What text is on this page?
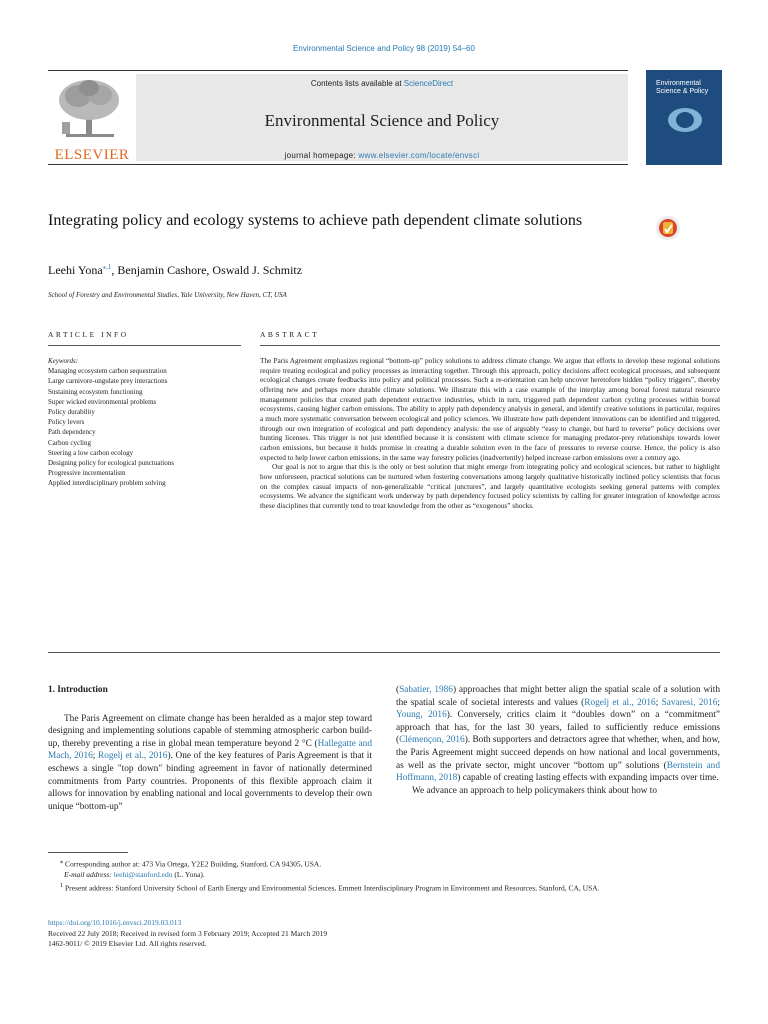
Environmental Science and Policy 98 (2019) 54–60
ELSEVIER
Contents lists available at ScienceDirect
Environmental Science and Policy
journal homepage: www.elsevier.com/locate/envsci
Environmental Science & Policy
Integrating policy and ecology systems to achieve path dependent climate solutions
Leehi Yona$^{⁎,1}$, Benjamin Cashore, Oswald J. Schmitz
School of Forestry and Environmental Studies, Yale University, New Haven, CT, USA
ARTICLE INFO	ABSTRACT
Keywords:
Managing ecosystem carbon sequestration
Large carnivore-ungulate prey interactions
Sustaining ecosystem functioning
Super wicked environmental problems
Policy durability
Policy levers
Path dependency
Carbon cycling
Steering a low carbon ecology
Designing policy for ecological punctuations
Progressive incrementalism
Applied interdisciplinary problem solving

The Paris Agreement emphasizes regional “bottom-up” policy solutions to address climate change. We argue that efforts to develop these regional solutions require treating ecological and policy processes as interacting together. Through this approach, policy decisions affect ecological processes, and subsequent ecological changes create feedbacks into policy and political processes. Such a re-orientation can help uncover heretofore hidden “policy triggers”, thereby offering new and perhaps more durable climate solutions. We illustrate this with a case example of the interplay among boreal forest natural resource management policies that created path dependent extractive industries, which in turn, triggered path dependent carbon cycling processes within boreal ecosystems, causing higher carbon emissions. The ability to apply path dependency analysis in general, and identify creative solutions in particular, requires a much more systematic conversation between ecological and policy sciences. We illustrate how path dependent innovations can be identified and triggered, through our own integration of ecological and path dependency analysis: the use of arguably “easy to change, but hard to reverse” policy decisions over hunting licenses. This trigger is not just identified because it is consistent with climate science for managing predator-prey relationships towards lower carbon emissions, but because it holds promise in creating a durable solution even in the face of pressures to reverse course. Hence, the policy is also expected to help lower carbon emissions, in the same way forestry policies (inadvertently) helped increase carbon emissions over a century ago.

Our goal is not to argue that this is the only or best solution that might emerge from integrating policy and ecological sciences, but rather to highlight how unforeseen, practical solutions can be nurtured when fostering conversations among largely qualitative historically inclined policy scientists that focus on the complex casual impacts of non-generalizable “critical junctures”, and largely quantitative ecologists seeking general patterns with complex ecosystems. We advance the significant work underway by path dependency focused policy scientists by calling for greater integration of knowledge across these disciplines that currently tend to treat knowledge from the other as “exogenous” shocks.

1. Introduction

The Paris Agreement on climate change has been heralded as a major step toward designing and implementing solutions capable of stemming atmospheric carbon build-up, thereby preventing a rise in global mean temperature beyond 2 °C (Hallegatte and Mach, 2016; Rogelj et al., 2016). One of the key features of Paris Agreement is that it eschews a single "top down" binding agreement in favor of nationally determined commitments from Party countries. Proponents of this flexible approach claim it allows for innovation by enabling national and local governments to develop their own unique “bottom-up”

(Sabatier, 1986) approaches that might better align the spatial scale of a solution with the spatial scale of societal interests and values (Rogelj et al., 2016; Savaresi, 2016; Young, 2016). Conversely, critics claim it “doubles down” on a “commitment” approach that has, for the last 30 years, failed to sufficiently reduce emissions (Clémençon, 2016). Both supporters and detractors agree that whether, when, and how, the Paris Agreement might succeed depends on how national and local governments, as well as the private sector, might uncover “bottom up” solutions (Bernstein and Hoffmann, 2018) capable of creating lasting effects with expanding impacts over time.

We advance an approach to help policymakers think about how to

⁎ Corresponding author at: 473 Via Ortega, Y2E2 Building, Stanford, CA 94305, USA.
E-mail address: leehi@stanford.edu (L. Yona).
$^1$ Present address: Stanford University School of Earth Energy and Environmental Sciences, Emmett Interdisciplinary Program in Environment and Resources, Stanford, CA, USA.
https://doi.org/10.1016/j.envsci.2019.03.013
Received 22 July 2018; Received in revised form 3 February 2019; Accepted 21 March 2019
1462-9011/ © 2019 Elsevier Ltd. All rights reserved.
